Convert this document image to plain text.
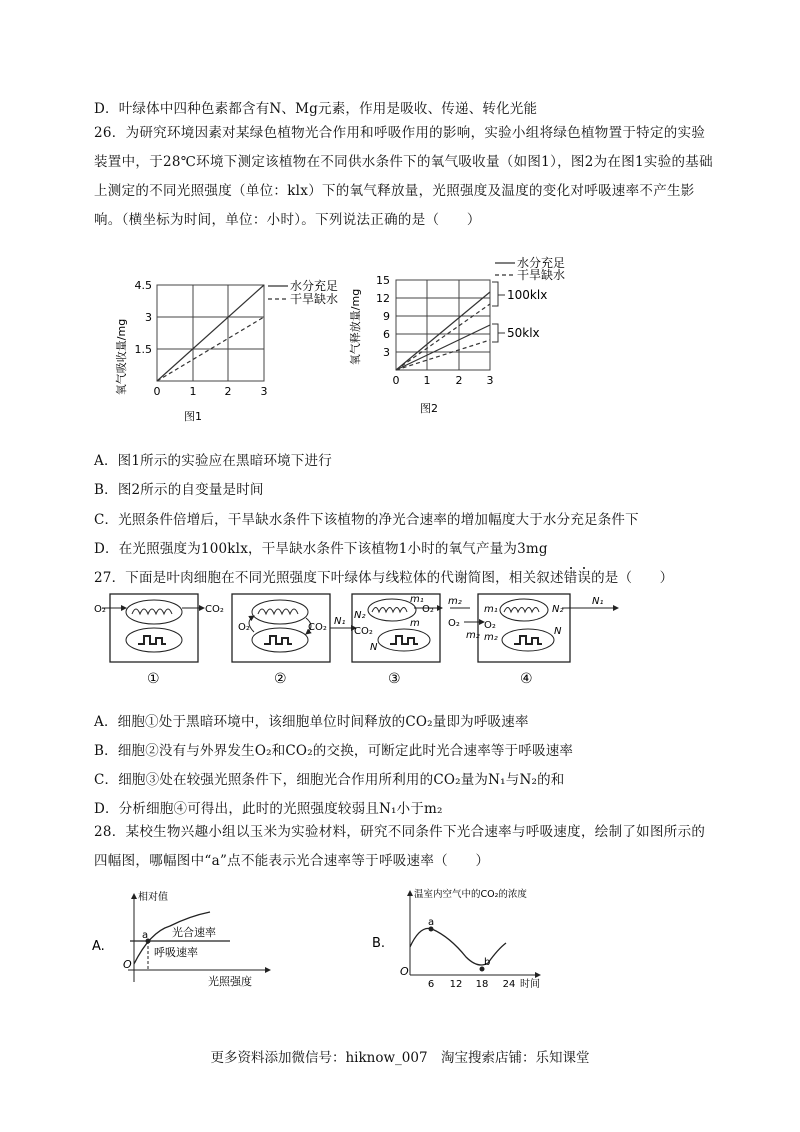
D．叶绿体中四种色素都含有N、Mg元素，作用是吸收、传递、转化光能
26．为研究环境因素对某绿色植物光合作用和呼吸作用的影响，实验小组将绿色植物置于特定的实验装置中，于28℃环境下测定该植物在不同供水条件下的氧气吸收量（如图1），图2为在图1实验的基础上测定的不同光照强度（单位：klx）下的氧气释放量，光照强度及温度的变化对呼吸速率不产生影响。（横坐标为时间，单位：小时）。下列说法正确的是（　　）
氧气吸收量/mg
4.5
3
1.5
0	1	2	3
水分充足
干旱缺水
图1
氧气释放量/mg
15
12
9
6
3
0 1 2 3
100klx
50klx
水分充足
干旱缺水
图2
A．图1所示的实验应在黑暗环境下进行
B．图2所示的自变量是时间
C．光照条件倍增后，干旱缺水条件下该植物的净光合速率的增加幅度大于水分充足条件下
D．在光照强度为100klx，干旱缺水条件下该植物1小时的氧气产量为3mg
27．下面是叶肉细胞在不同光照强度下叶绿体与线粒体的代谢简图，相关叙述错误的是（　　）
O₂	CO₂
①
O₂	CO₂
②
m₁
O₂
m₂
N₂
N₁
CO₂
m
N
③
O₂
m₂
m₁	N₂
N₁
O₂
m₂
N
④
A．细胞①处于黑暗环境中，该细胞单位时间释放的CO₂量即为呼吸速率
B．细胞②没有与外界发生O₂和CO₂的交换，可断定此时光合速率等于呼吸速率
C．细胞③处在较强光照条件下，细胞光合作用所利用的CO₂量为N₁与N₂的和
D．分析细胞④可得出，此时的光照强度较弱且N₁小于m₂
28．某校生物兴趣小组以玉米为实验材料，研究不同条件下光合速率与呼吸速度，绘制了如图所示的四幅图，哪幅图中“a”点不能表示光合速率等于呼吸速率（　　）
A.
相对值
O
a 光合速率
呼吸速率
光照强度
B.
温室内空气中的CO₂的浓度
O
a
b
6 12 18 24 时间
更多资料添加微信号：hiknow_007　淘宝搜索店铺：乐知课堂
